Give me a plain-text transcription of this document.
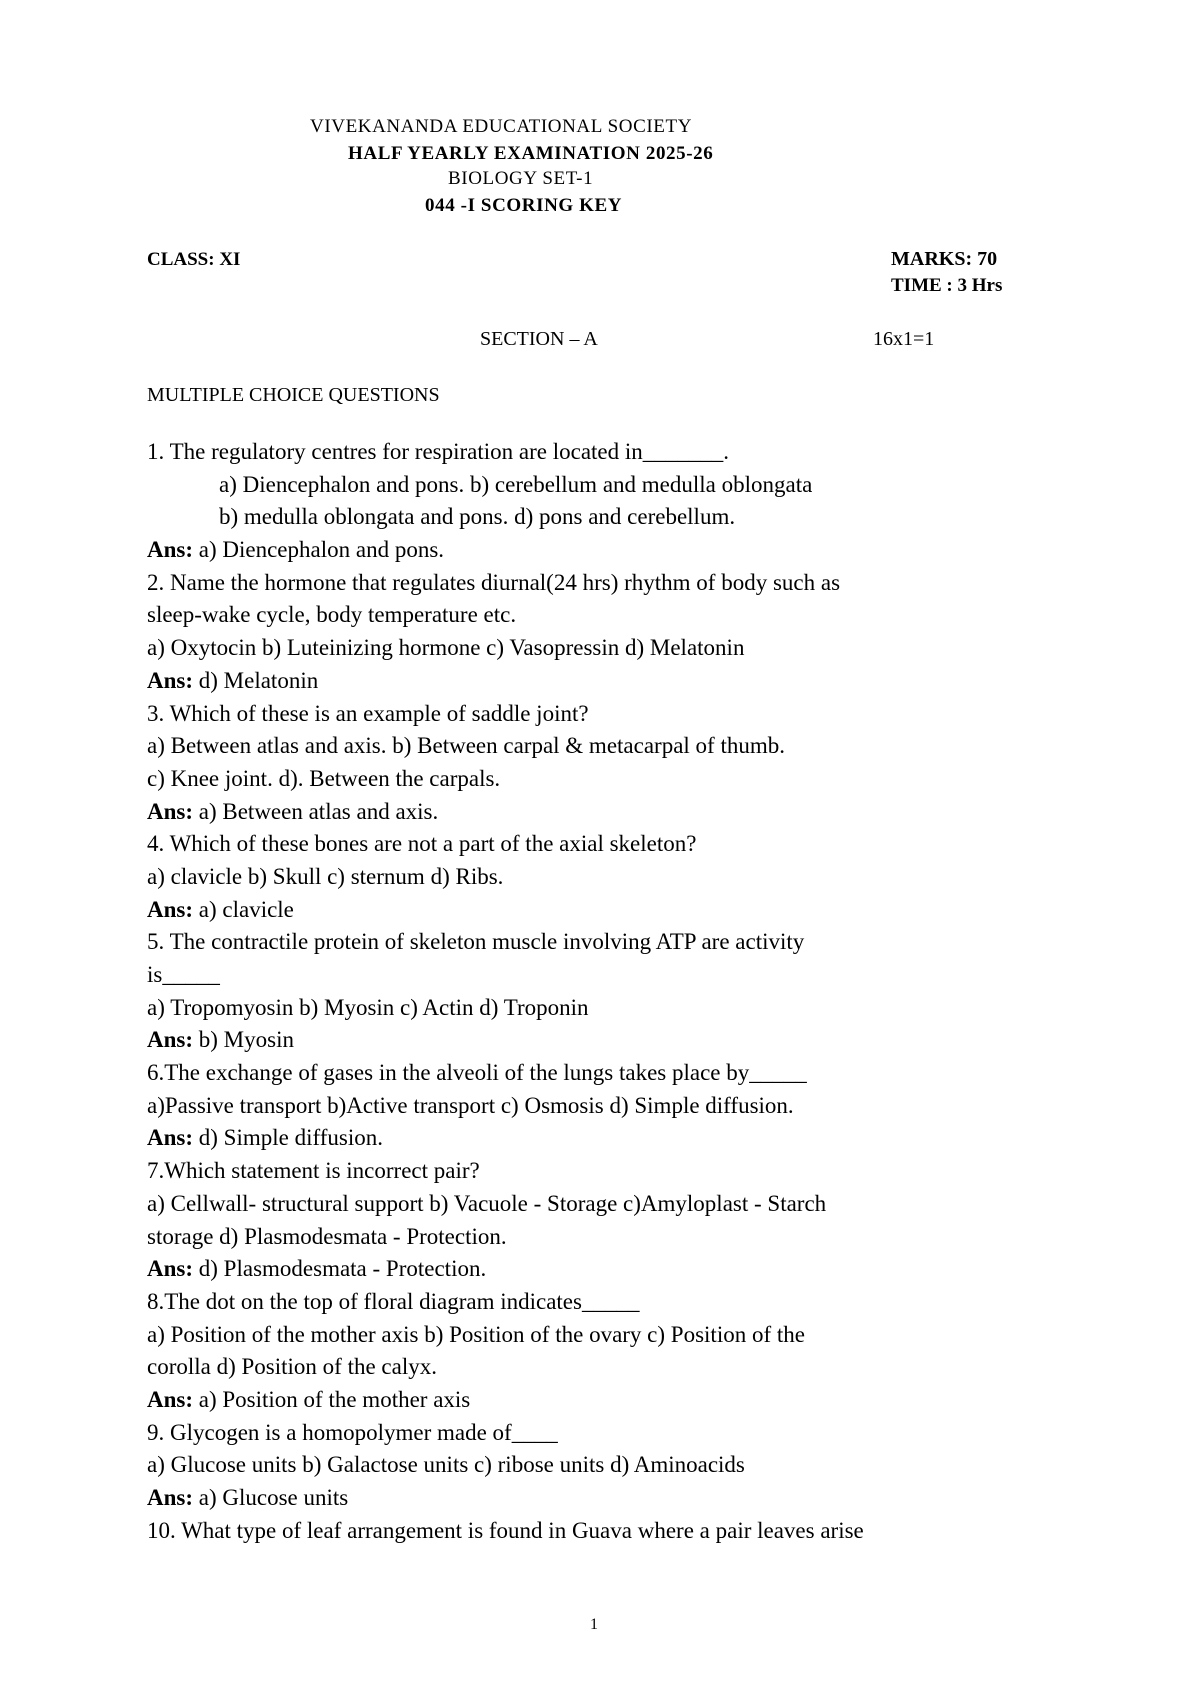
VIVEKANANDA EDUCATIONAL SOCIETY
HALF YEARLY EXAMINATION 2025-26
BIOLOGY SET-1
044 -I SCORING KEY
CLASS: XI	MARKS: 70
TIME : 3 Hrs
SECTION – A	16x1=1
MULTIPLE CHOICE QUESTIONS
1. The regulatory centres for respiration are located in_______.
a) Diencephalon and pons. b) cerebellum and medulla oblongata
b) medulla oblongata and pons. d) pons and cerebellum.
Ans: a) Diencephalon and pons.
2. Name the hormone that regulates diurnal(24 hrs) rhythm of body such as
sleep-wake cycle, body temperature etc.
a) Oxytocin b) Luteinizing hormone c) Vasopressin d) Melatonin
Ans: d) Melatonin
3. Which of these is an example of saddle joint?
a) Between atlas and axis. b) Between carpal & metacarpal of thumb.
c) Knee joint. d). Between the carpals.
Ans: a) Between atlas and axis.
4. Which of these bones are not a part of the axial skeleton?
a) clavicle b) Skull c) sternum d) Ribs.
Ans: a) clavicle
5. The contractile protein of skeleton muscle involving ATP are activity
is_____
a) Tropomyosin b) Myosin c) Actin d) Troponin
Ans: b) Myosin
6.The exchange of gases in the alveoli of the lungs takes place by_____
a)Passive transport b)Active transport c) Osmosis d) Simple diffusion.
Ans: d) Simple diffusion.
7.Which statement is incorrect pair?
a) Cellwall- structural support b) Vacuole - Storage c)Amyloplast - Starch
storage d) Plasmodesmata - Protection.
Ans: d) Plasmodesmata - Protection.
8.The dot on the top of floral diagram indicates_____
a) Position of the mother axis b) Position of the ovary c) Position of the
corolla d) Position of the calyx.
Ans: a) Position of the mother axis
9. Glycogen is a homopolymer made of____
a) Glucose units b) Galactose units c) ribose units d) Aminoacids
Ans: a) Glucose units
10. What type of leaf arrangement is found in Guava where a pair leaves arise
1
